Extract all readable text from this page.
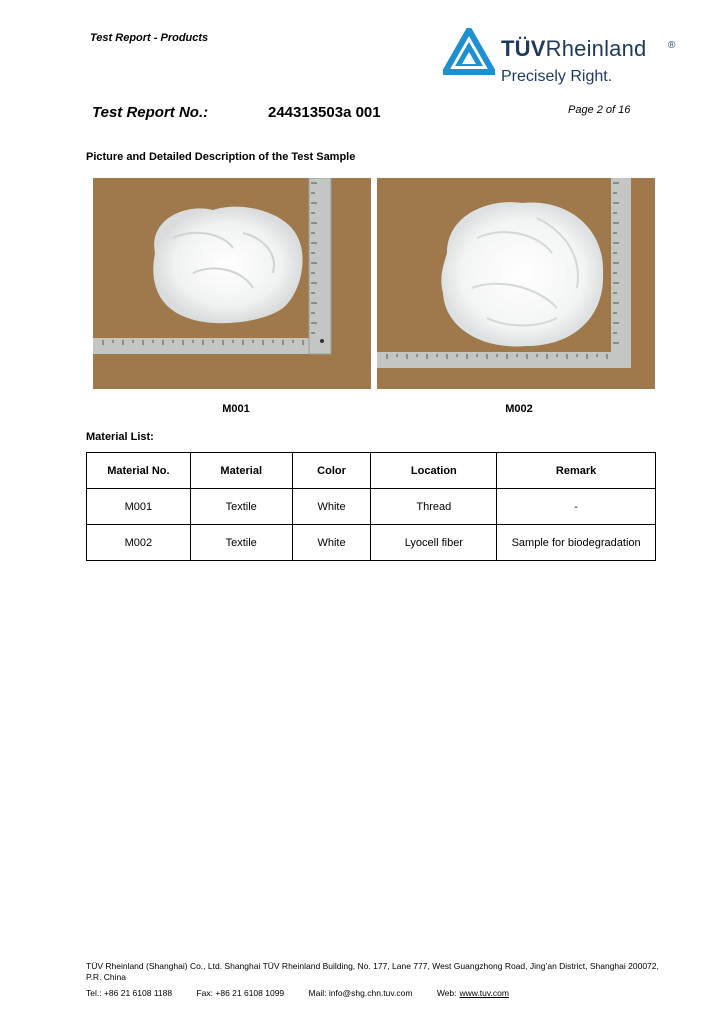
Test Report - Products	TÜVRheinland ®
Precisely Right.
Test Report No.:	244313503a 001	Page 2 of 16
Picture and Detailed Description of the Test Sample
M001	M002
Material List:
Material No.	Material	Color	Location	Remark
M001	Textile	White	Thread	-
M002	Textile	White	Lyocell fiber	Sample for biodegradation
TÜV Rheinland (Shanghai) Co., Ltd. Shanghai TÜV Rheinland Building, No. 177, Lane 777, West Guangzhong Road, Jing’an District, Shanghai 200072, P.R. China
Tel.: +86 21 6108 1188	Fax: +86 21 6108 1099	Mail: info@shg.chn.tuv.com	Web: www.tuv.com
